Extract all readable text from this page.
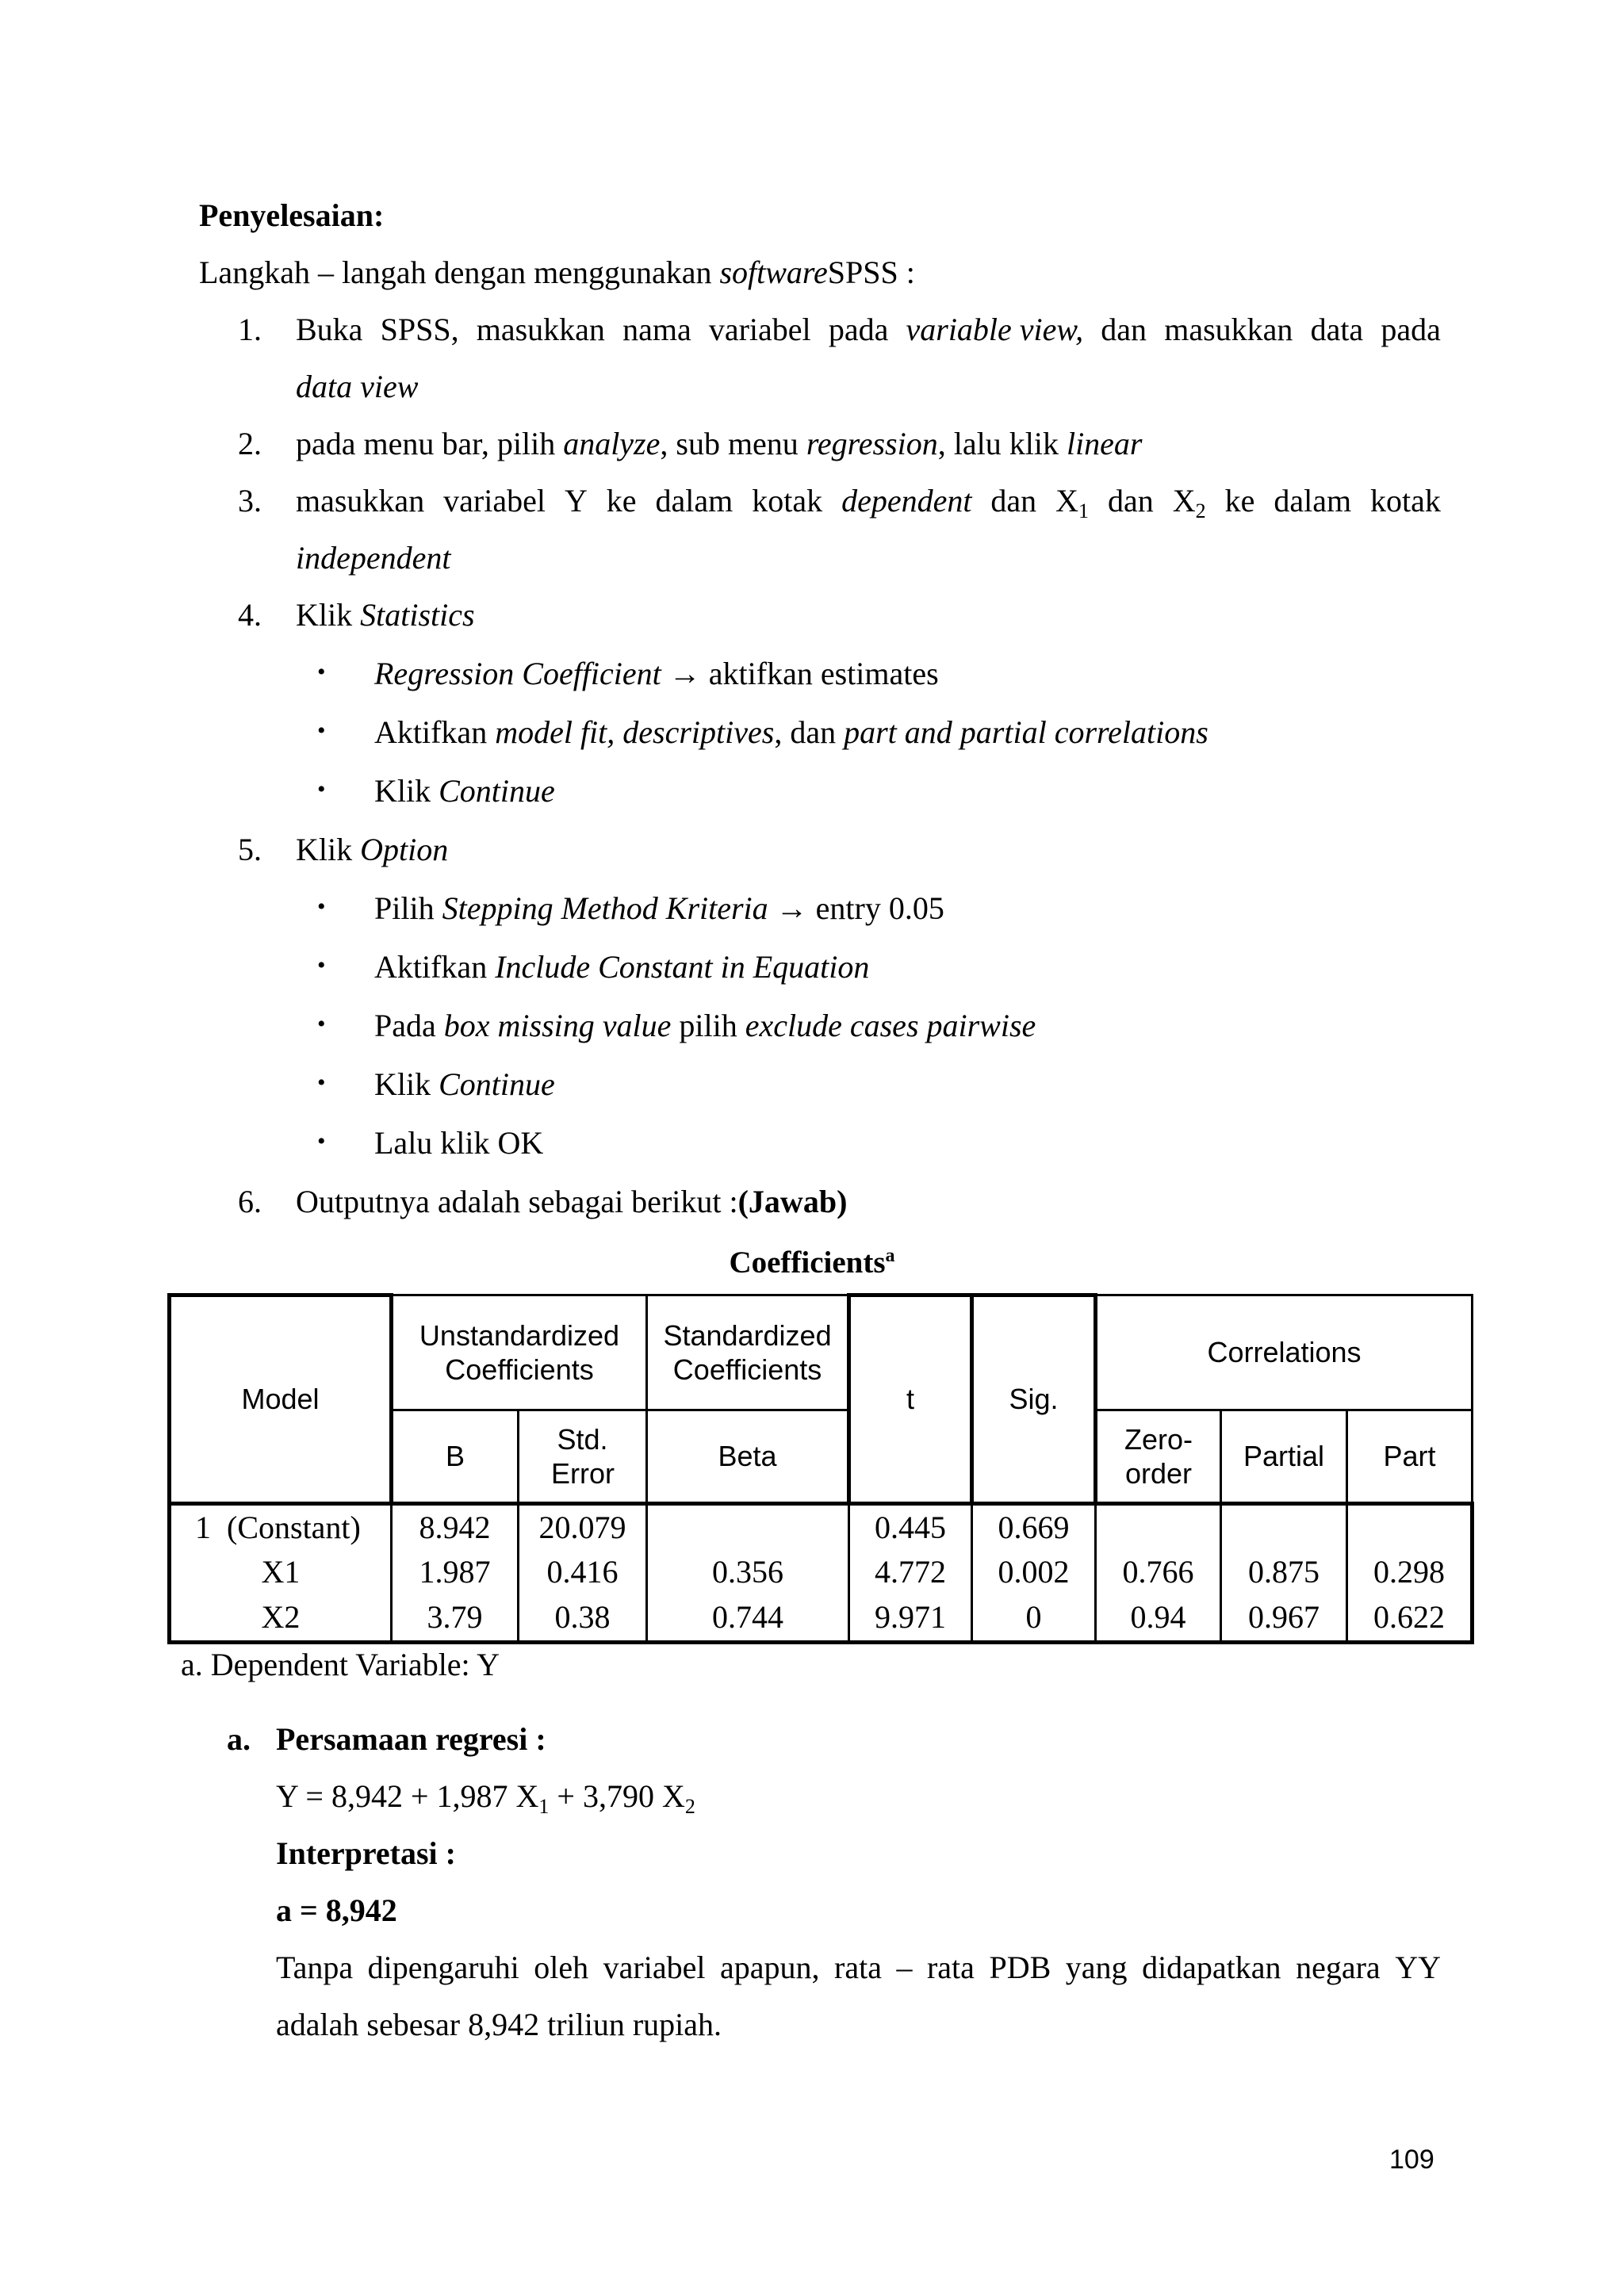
Penyelesaian:
Langkah – langah dengan menggunakan softwareSPSS :
1. Buka SPSS, masukkan nama variabel pada variable view, dan masukkan data pada
data view
2. pada menu bar, pilih analyze, sub menu regression, lalu klik linear
3. masukkan variabel Y ke dalam kotak dependent dan $X_1$ dan $X_2$ ke dalam kotak
independent
4. Klik Statistics
• Regression Coefficient → aktifkan estimates
• Aktifkan model fit, descriptives, dan part and partial correlations
• Klik Continue
5. Klik Option
• Pilih Stepping Method Kriteria → entry 0.05
• Aktifkan Include Constant in Equation
• Pada box missing value pilih exclude cases pairwise
• Klik Continue
• Lalu klik OK
6. Outputnya adalah sebagai berikut :(Jawab)
Coefficients$^a$
Model	Unstandardized Coefficients		Standardized Coefficients	t	Sig.	Correlations		
	B	Std. Error	Beta			Zero-order	Partial	Part
1  (Constant)	8.942	20.079		0.445	0.669			
X1	1.987	0.416	0.356	4.772	0.002	0.766	0.875	0.298
X2	3.79	0.38	0.744	9.971	0	0.94	0.967	0.622
a. Dependent Variable: Y
a. Persamaan regresi :
Y = 8,942 + 1,987 $X_1 + 3,790$ $X_2$
Interpretasi :
a = 8,942
Tanpa dipengaruhi oleh variabel apapun, rata – rata PDB yang didapatkan negara YY
adalah sebesar 8,942 triliun rupiah.
109
